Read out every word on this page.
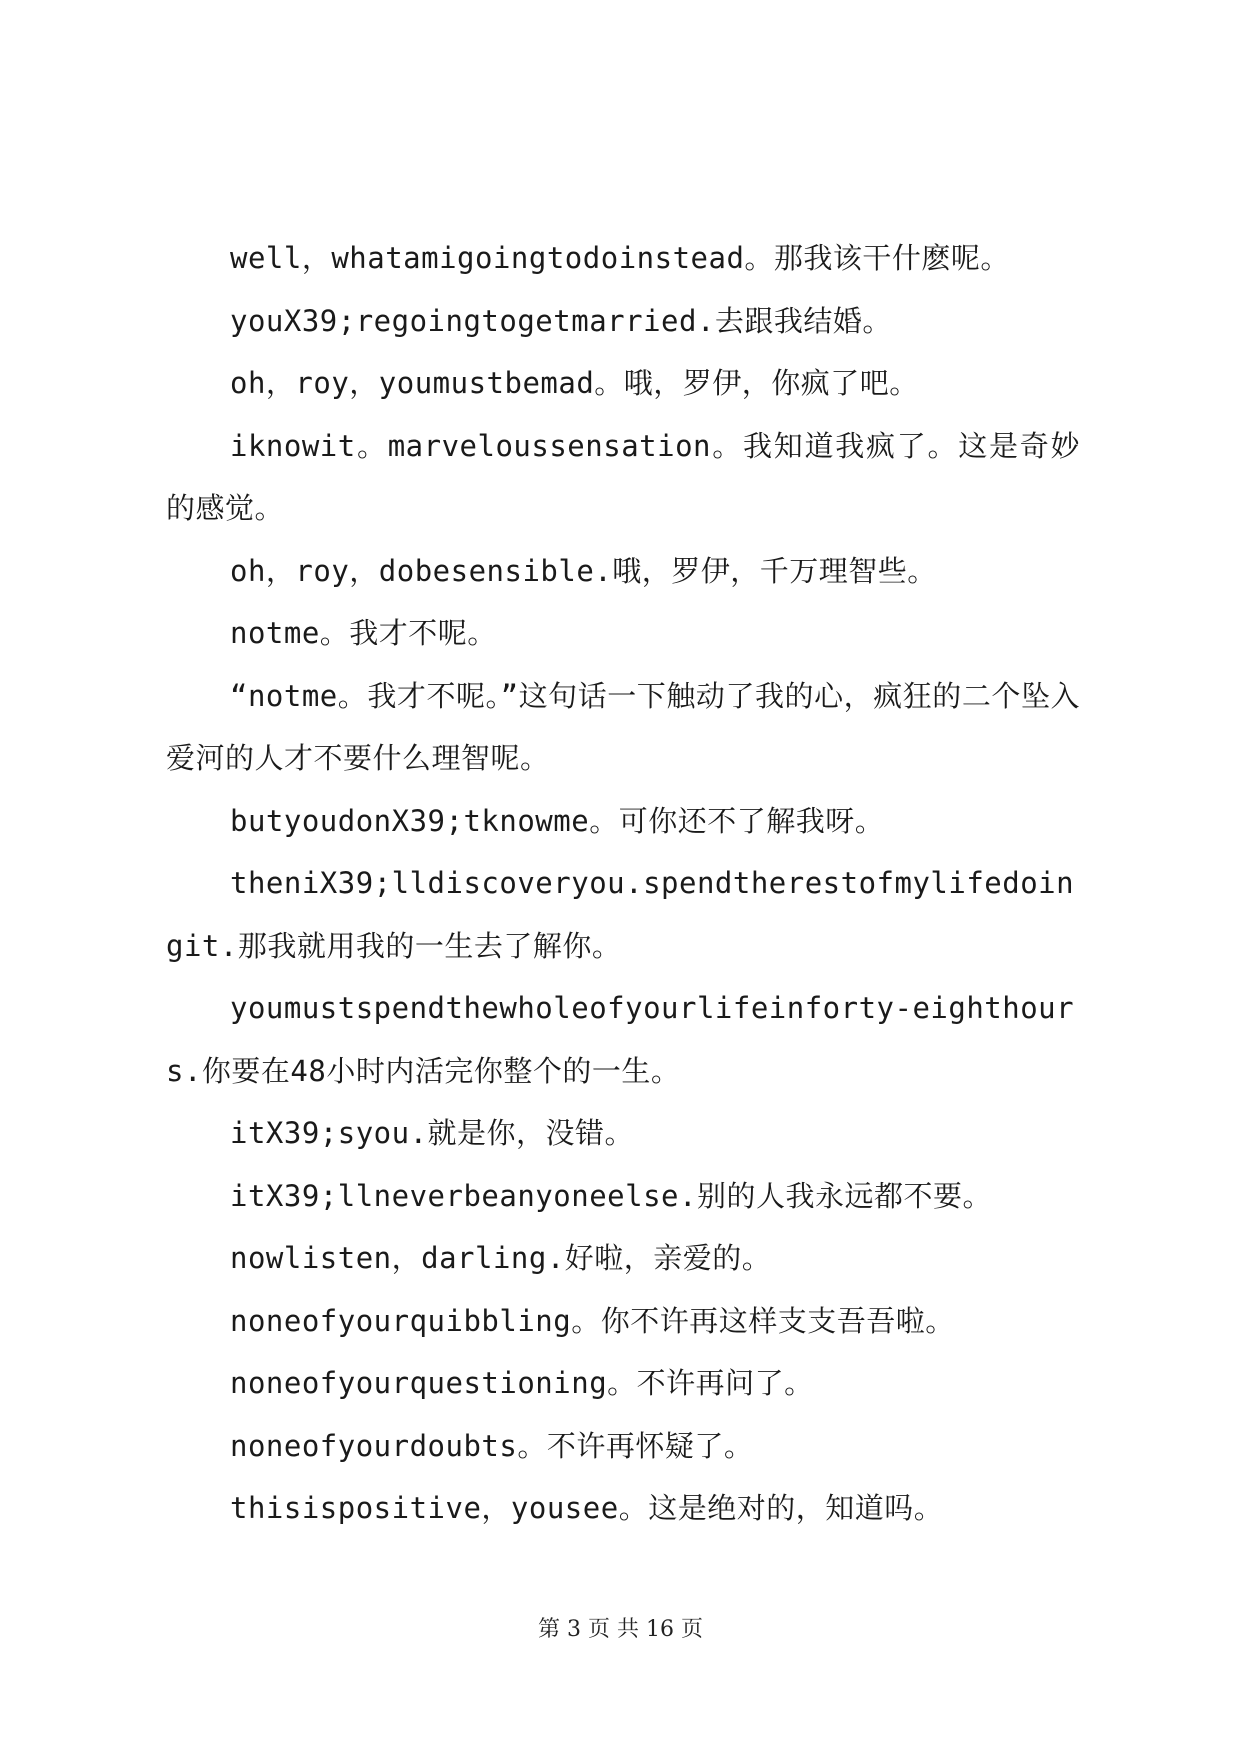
well，whatamigoingtodoinstead。那我该干什麽呢。

youX39;regoingtogetmarried.去跟我结婚。

oh，roy，youmustbemad。哦，罗伊，你疯了吧。

iknowit。marveloussensation。我知道我疯了。这是奇妙的感觉。

oh，roy，dobesensible.哦，罗伊，千万理智些。

notme。我才不呢。

“notme。我才不呢。”这句话一下触动了我的心，疯狂的二个坠入爱河的人才不要什么理智呢。

butyoudonX39;tknowme。可你还不了解我呀。

theniX39;lldiscoveryou.spendtherestofmylifedoingit.那我就用我的一生去了解你。

youmustspendthewholeofyourlifeinforty-eighthours.你要在48小时内活完你整个的一生。

itX39;syou.就是你，没错。

itX39;llneverbeanyoneelse.别的人我永远都不要。

nowlisten，darling.好啦，亲爱的。

noneofyourquibbling。你不许再这样支支吾吾啦。

noneofyourquestioning。不许再问了。

noneofyourdoubts。不许再怀疑了。

thisispositive，yousee。这是绝对的，知道吗。

第 3 页 共 16 页
